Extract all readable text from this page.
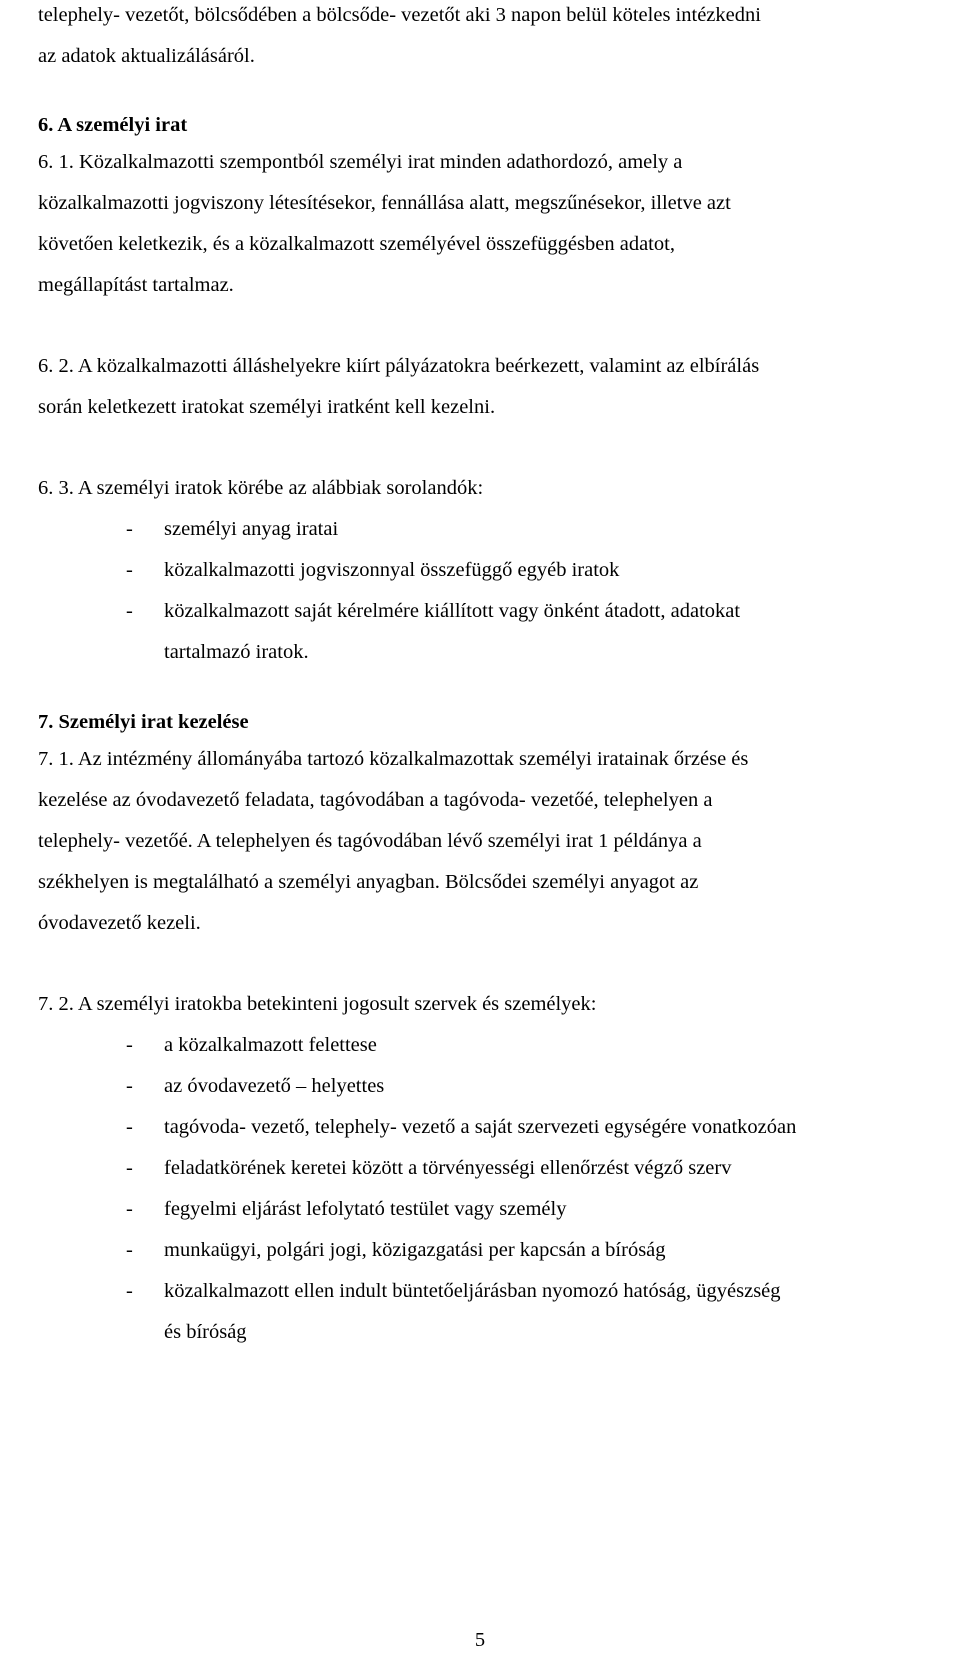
telephely- vezetőt, bölcsődében a bölcsőde- vezetőt aki 3 napon belül köteles intézkedni
az adatok aktualizálásáról.
6. A személyi irat
6. 1. Közalkalmazotti szempontból személyi irat minden adathordozó, amely a
közalkalmazotti jogviszony létesítésekor, fennállása alatt, megszűnésekor, illetve azt
követően keletkezik, és a közalkalmazott személyével összefüggésben adatot,
megállapítást tartalmaz.
6. 2. A közalkalmazotti álláshelyekre kiírt pályázatokra beérkezett, valamint az elbírálás
során keletkezett iratokat személyi iratként kell kezelni.
6. 3. A személyi iratok körébe az alábbiak sorolandók:
- személyi anyag iratai
- közalkalmazotti jogviszonnyal összefüggő egyéb iratok
- közalkalmazott saját kérelmére kiállított vagy önként átadott, adatokat
tartalmazó iratok.
7. Személyi irat kezelése
7. 1. Az intézmény állományába tartozó közalkalmazottak személyi iratainak őrzése és
kezelése az óvodavezető feladata, tagóvodában a tagóvoda- vezetőé, telephelyen a
telephely- vezetőé. A telephelyen és tagóvodában lévő személyi irat 1 példánya a
székhelyen is megtalálható a személyi anyagban. Bölcsődei személyi anyagot az
óvodavezető kezeli.
7. 2. A személyi iratokba betekinteni jogosult szervek és személyek:
- a közalkalmazott felettese
- az óvodavezető – helyettes
- tagóvoda- vezető, telephely- vezető a saját szervezeti egységére vonatkozóan
- feladatkörének keretei között a törvényességi ellenőrzést végző szerv
- fegyelmi eljárást lefolytató testület vagy személy
- munkaügyi, polgári jogi, közigazgatási per kapcsán a bíróság
- közalkalmazott ellen indult büntetőeljárásban nyomozó hatóság, ügyészség
és bíróság
5
